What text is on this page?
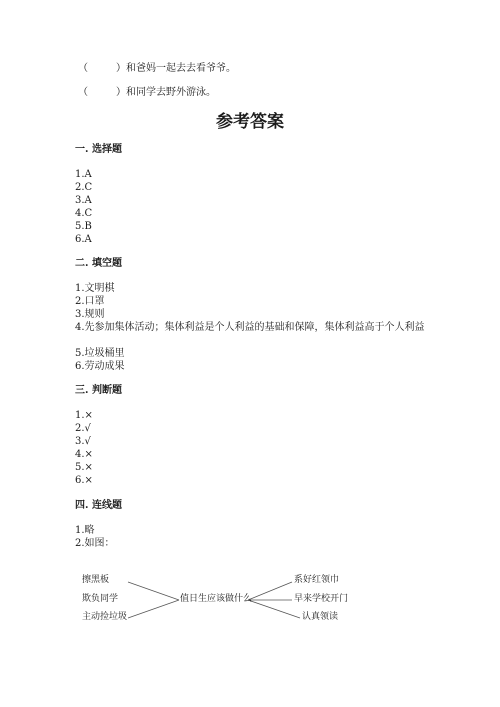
（	） 和爸妈一起去去看爷爷。
（	） 和同学去野外游泳。
参考答案
一. 选择题
1.A
2.C
3.A
4.C
5.B
6.A
二. 填空题
1.文明棋
2.口罩
3.规则
4.先参加集体活动；集体利益是个人利益的基础和保障，集体利益高于个人利益
5.垃圾桶里
6.劳动成果
三. 判断题
1.×
2.√
3.√
4.×
5.×
6.×
四. 连线题
1.略
2.如图：
擦黑板
欺负同学
主动捡垃圾
值日生应该做什么
系好红领巾
早来学校开门
认真领读
